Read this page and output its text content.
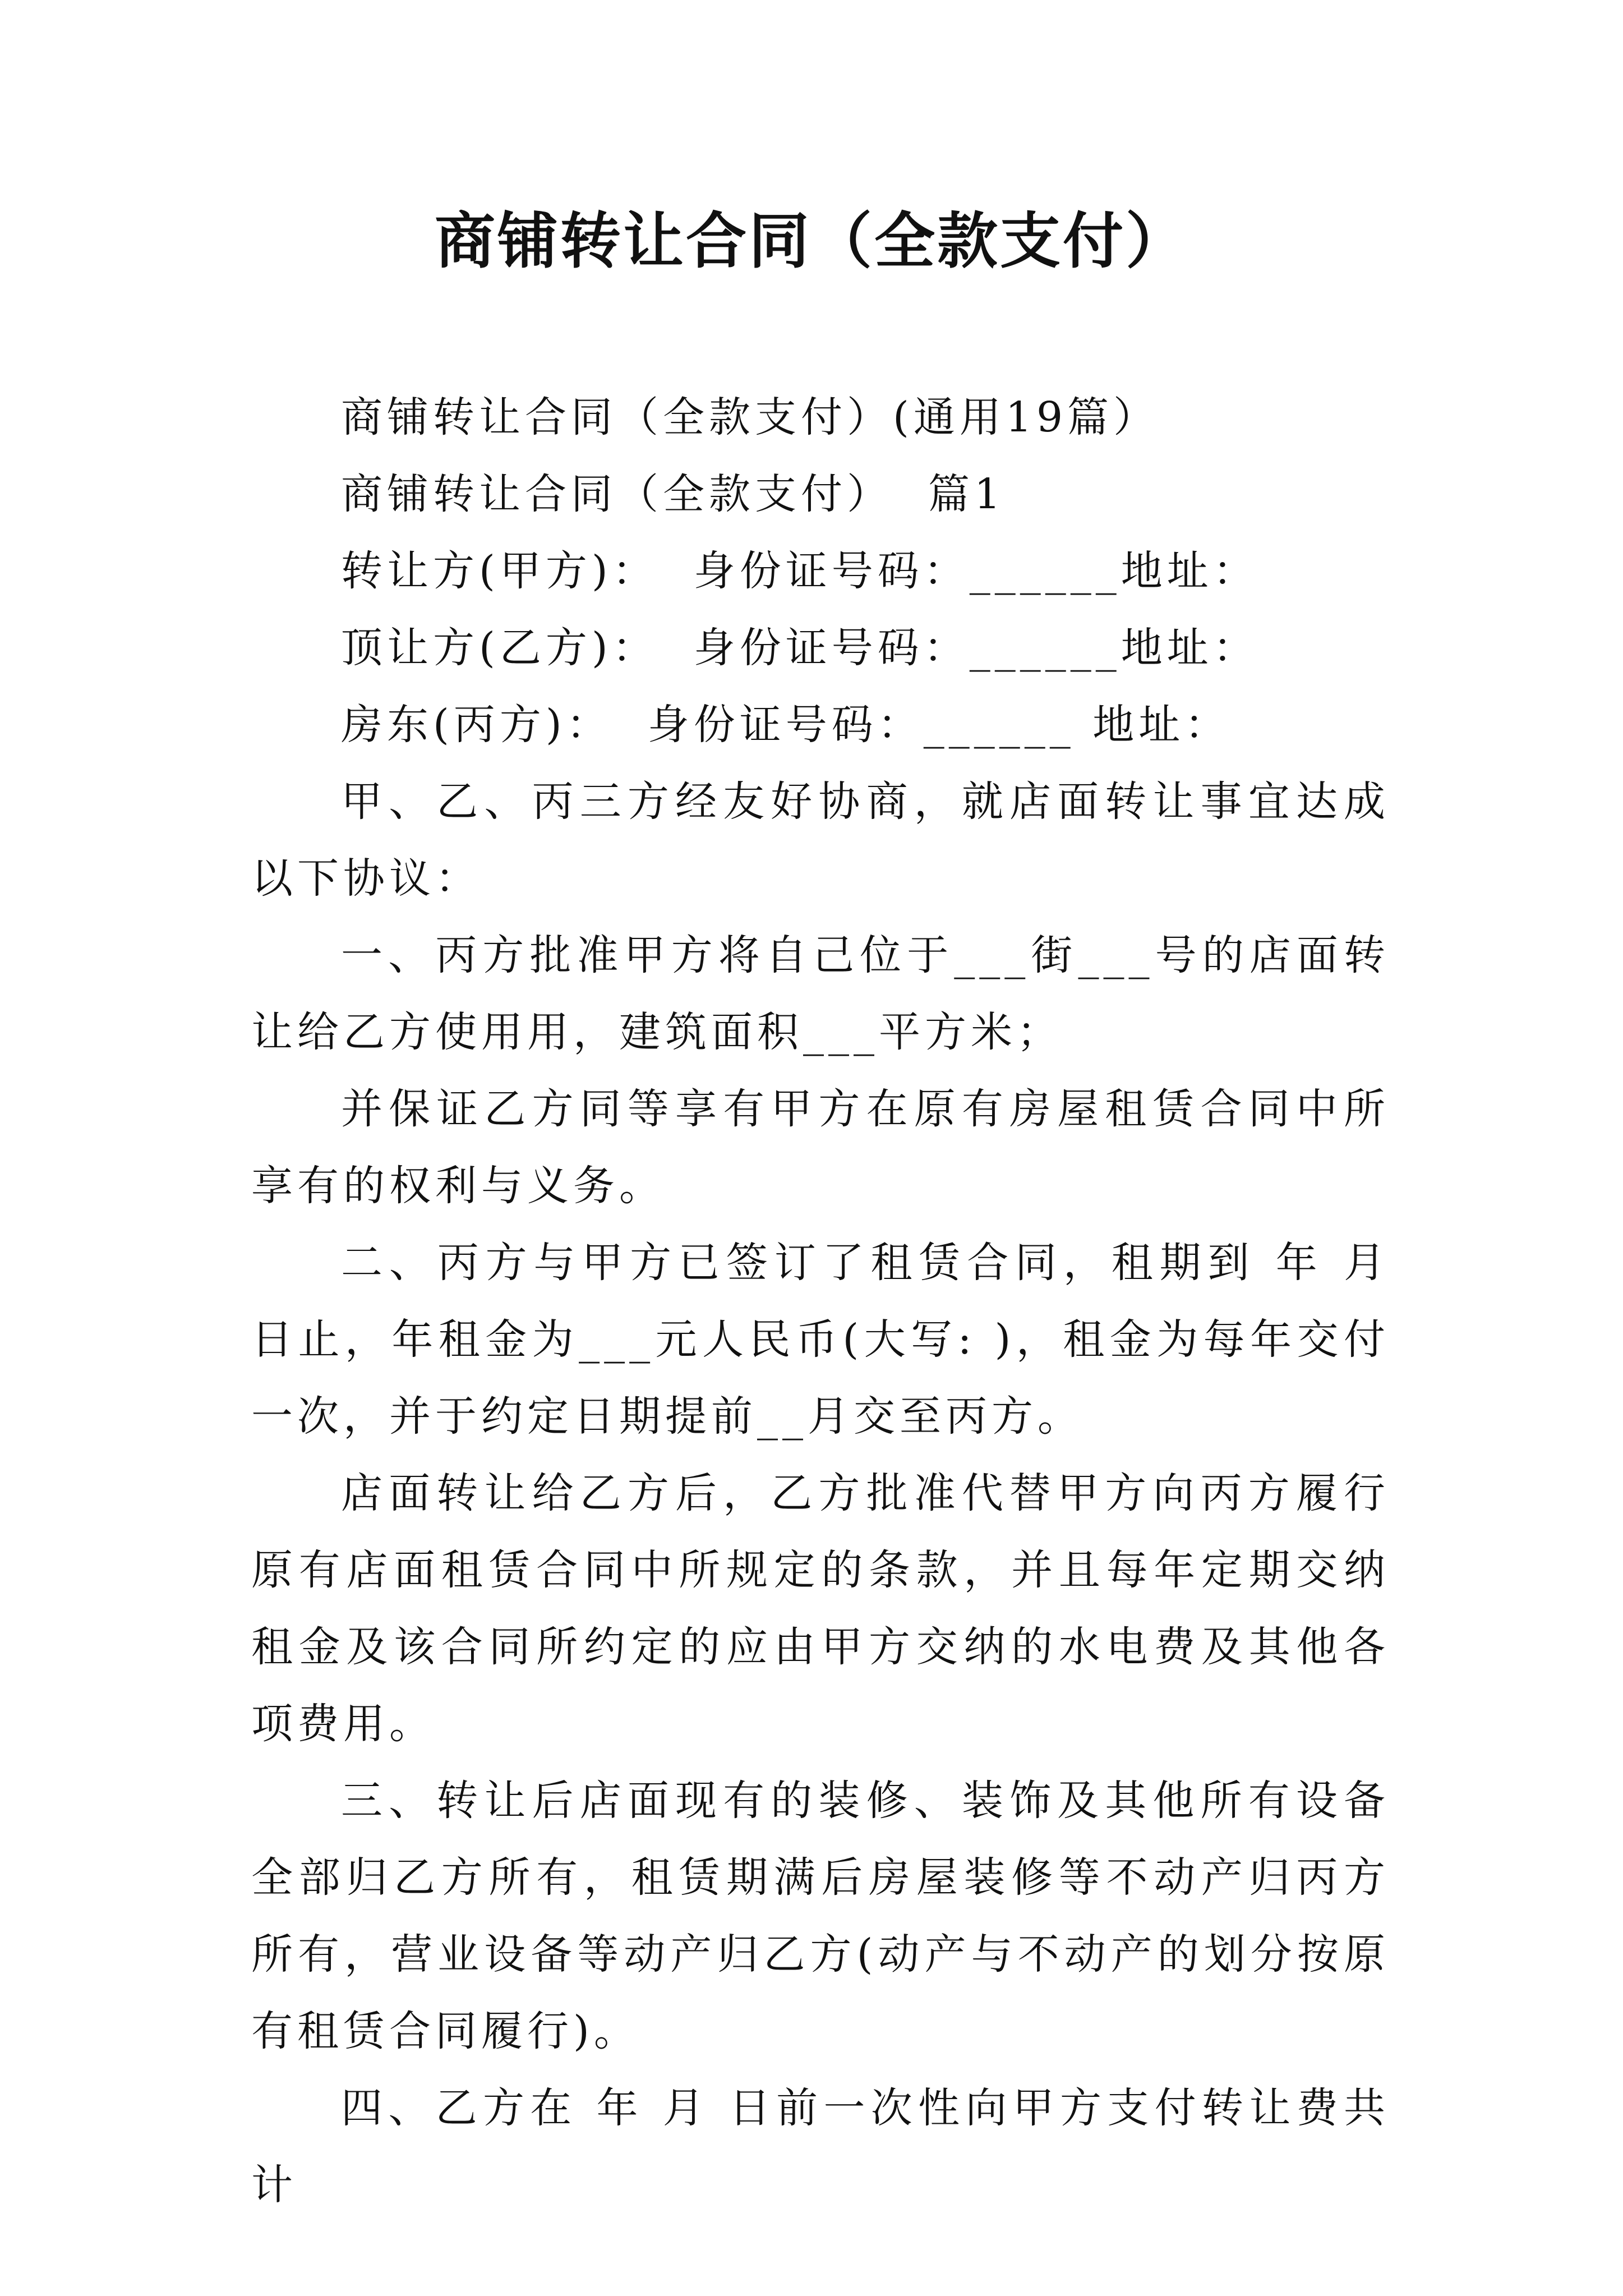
商铺转让合同（全款支付）

商铺转让合同（全款支付）(通用19篇）

商铺转让合同（全款支付）  篇1

转让方(甲方)：  身份证号码：______地址：

顶让方(乙方)：  身份证号码：______地址：

房东(丙方)：  身份证号码：______ 地址：

甲、乙、丙三方经友好协商，就店面转让事宜达成以下协议：

一、丙方批准甲方将自己位于___街___号的店面转让给乙方使用用，建筑面积___平方米；

并保证乙方同等享有甲方在原有房屋租赁合同中所享有的权利与义务。

二、丙方与甲方已签订了租赁合同，租期到 年 月 日止，年租金为___元人民币(大写: )，租金为每年交付一次，并于约定日期提前__月交至丙方。

店面转让给乙方后，乙方批准代替甲方向丙方履行原有店面租赁合同中所规定的条款，并且每年定期交纳租金及该合同所约定的应由甲方交纳的水电费及其他各项费用。

三、转让后店面现有的装修、装饰及其他所有设备全部归乙方所有，租赁期满后房屋装修等不动产归丙方所有，营业设备等动产归乙方(动产与不动产的划分按原有租赁合同履行)。

四、乙方在 年 月 日前一次性向甲方支付转让费共计
